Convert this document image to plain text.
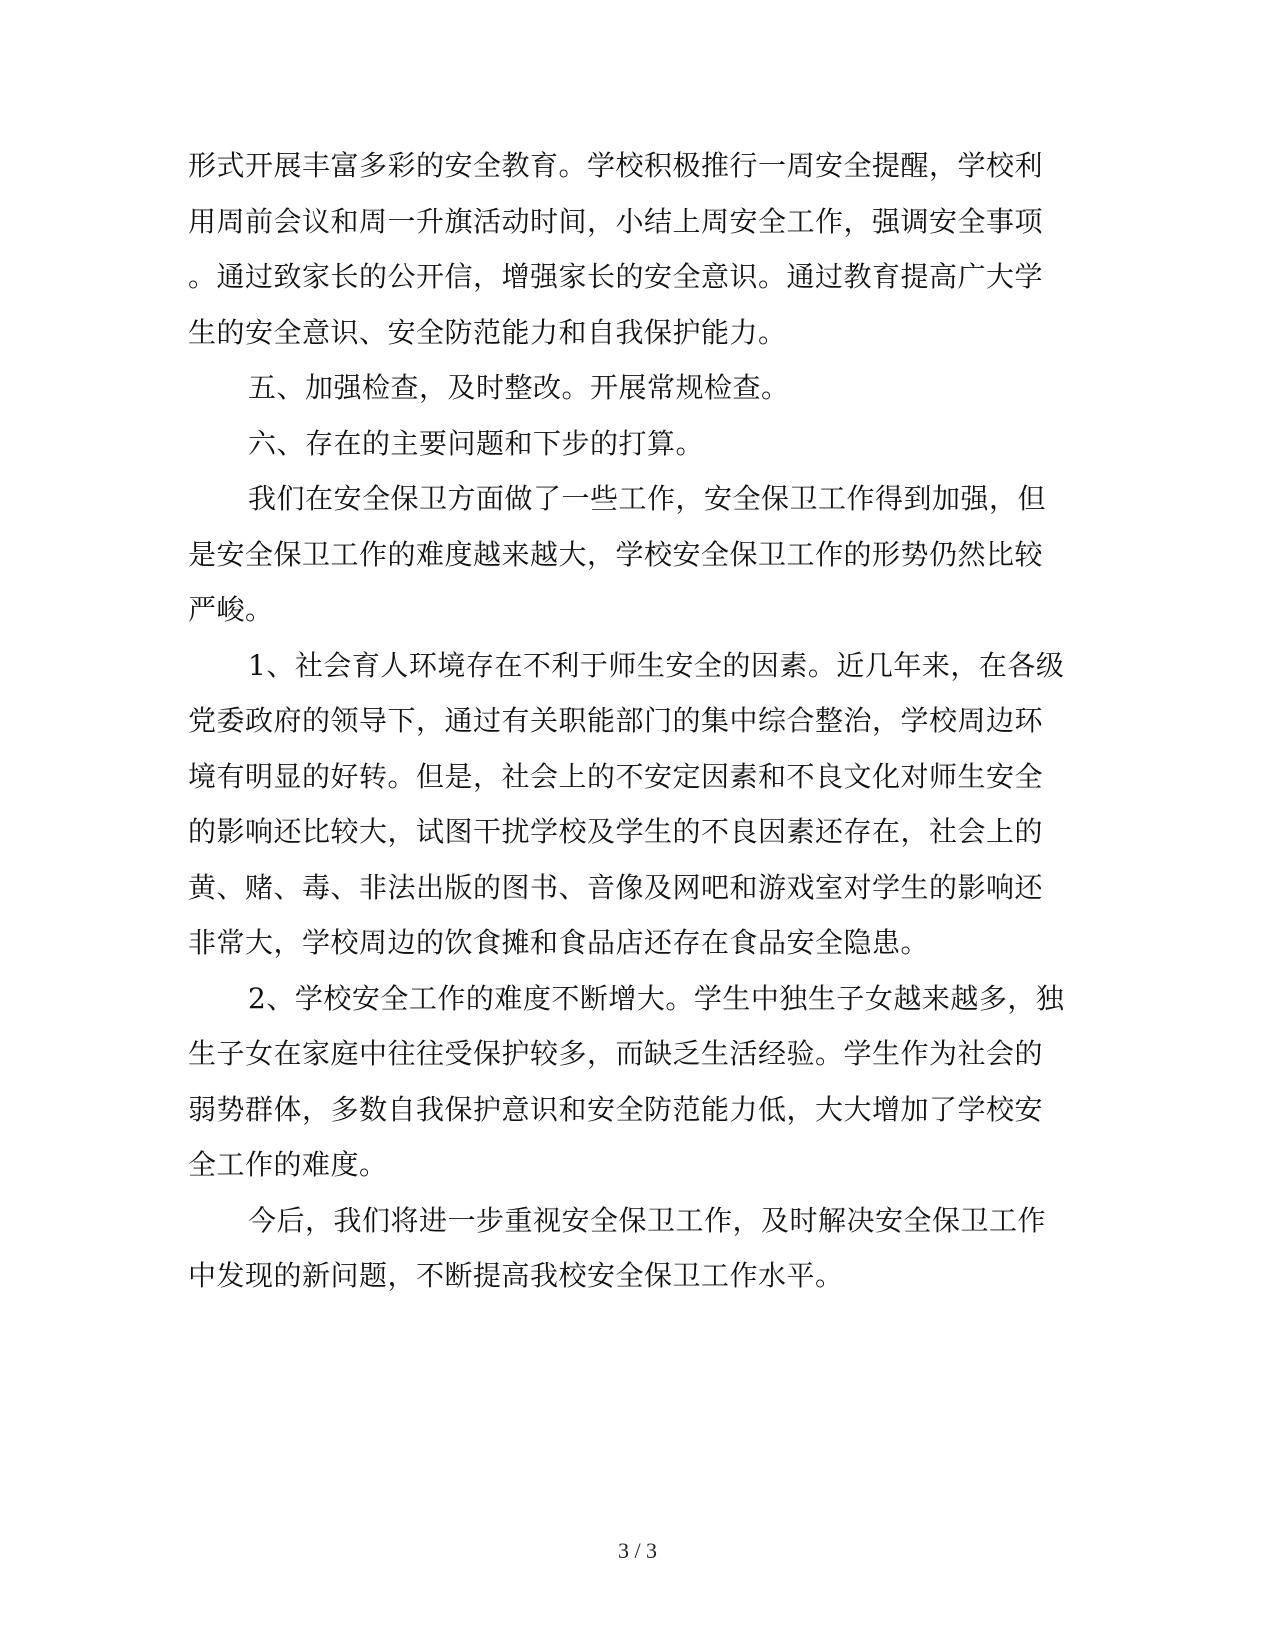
形式开展丰富多彩的安全教育。学校积极推行一周安全提醒，学校利
用周前会议和周一升旗活动时间，小结上周安全工作，强调安全事项
。通过致家长的公开信，增强家长的安全意识。通过教育提高广大学
生的安全意识、安全防范能力和自我保护能力。
五、加强检查，及时整改。开展常规检查。
六、存在的主要问题和下步的打算。
我们在安全保卫方面做了一些工作，安全保卫工作得到加强，但
是安全保卫工作的难度越来越大，学校安全保卫工作的形势仍然比较
严峻。
1、社会育人环境存在不利于师生安全的因素。近几年来，在各级
党委政府的领导下，通过有关职能部门的集中综合整治，学校周边环
境有明显的好转。但是，社会上的不安定因素和不良文化对师生安全
的影响还比较大，试图干扰学校及学生的不良因素还存在，社会上的
黄、赌、毒、非法出版的图书、音像及网吧和游戏室对学生的影响还
非常大，学校周边的饮食摊和食品店还存在食品安全隐患。
2、学校安全工作的难度不断增大。学生中独生子女越来越多，独
生子女在家庭中往往受保护较多，而缺乏生活经验。学生作为社会的
弱势群体，多数自我保护意识和安全防范能力低，大大增加了学校安
全工作的难度。
今后，我们将进一步重视安全保卫工作，及时解决安全保卫工作
中发现的新问题，不断提高我校安全保卫工作水平。
3 / 3
